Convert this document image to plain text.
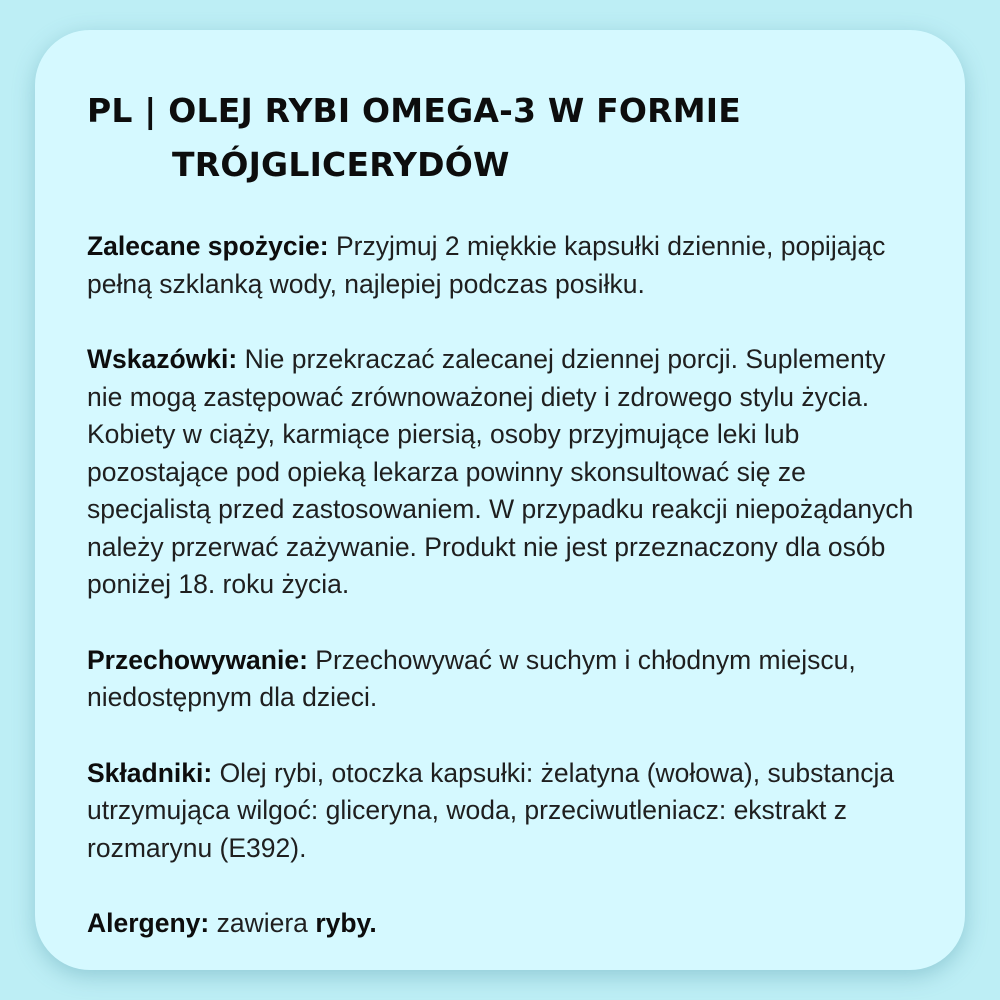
PL | OLEJ RYBI OMEGA-3 W FORMIE
TRÓJGLICERYDÓW

Zalecane spożycie: Przyjmuj 2 miękkie kapsułki dziennie, popijając pełną szklanką wody, najlepiej podczas posiłku.

Wskazówki: Nie przekraczać zalecanej dziennej porcji. Suplementy nie mogą zastępować zrównoważonej diety i zdrowego stylu życia. Kobiety w ciąży, karmiące piersią, osoby przyjmujące leki lub pozostające pod opieką lekarza powinny skonsultować się ze specjalistą przed zastosowaniem. W przypadku reakcji niepożądanych należy przerwać zażywanie. Produkt nie jest przeznaczony dla osób poniżej 18. roku życia.

Przechowywanie: Przechowywać w suchym i chłodnym miejscu, niedostępnym dla dzieci.

Składniki: Olej rybi, otoczka kapsułki: żelatyna (wołowa), substancja utrzymująca wilgoć: gliceryna, woda, przeciwutleniacz: ekstrakt z rozmarynu (E392).

Alergeny: zawiera ryby.
